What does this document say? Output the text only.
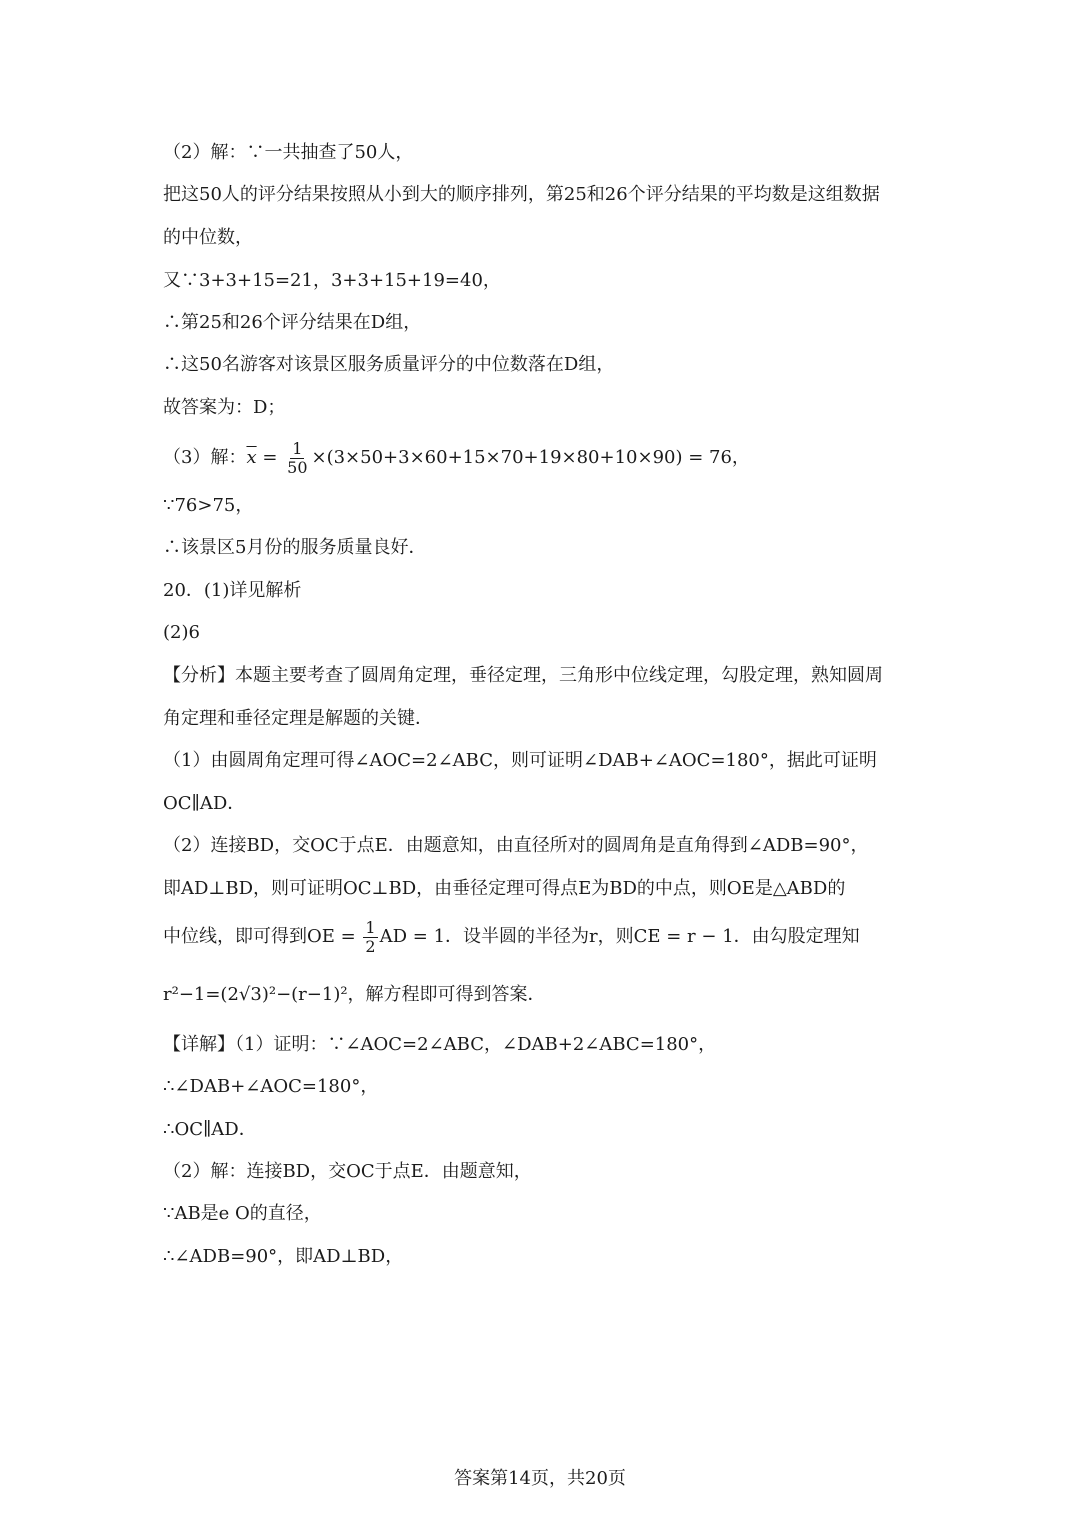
（2）解：∵一共抽查了50人，
把这50人的评分结果按照从小到大的顺序排列，第25和26个评分结果的平均数是这组数据
的中位数，
又∵3+3+15=21，3+3+15+19=40，
∴第25和26个评分结果在D组，
∴这50名游客对该景区服务质量评分的中位数落在D组，
故答案为：D；
（3）解：$\overline{x} = \frac{1}{50} \times(3\times 50+3\times 60+15\times 70+19\times 80+10\times 90) = 76$，
∵76>75，
∴该景区5月份的服务质量良好．
20．(1)详见解析
(2)6
【分析】本题主要考查了圆周角定理，垂径定理，三角形中位线定理，勾股定理，熟知圆周
角定理和垂径定理是解题的关键．
（1）由圆周角定理可得∠AOC=2∠ABC，则可证明∠DAB+∠AOC=180°，据此可证明
OC∥AD．
（2）连接BD，交OC于点E．由题意知，由直径所对的圆周角是直角得到∠ADB=90°，
即AD⊥BD，则可证明OC⊥BD，由垂径定理可得点E为BD的中点，则OE是△ABD的
中位线，即可得到OE = $\frac{1}{2}$ AD = 1．设半圆的半径为r，则CE = r − 1．由勾股定理知
r²−1=(2√3)²−(r−1)²，解方程即可得到答案．
【详解】（1）证明：∵∠AOC=2∠ABC，∠DAB+2∠ABC=180°，
∴∠DAB+∠AOC=180°，
∴OC∥AD．
（2）解：连接BD，交OC于点E．由题意知，
∵AB是e O的直径，
∴∠ADB=90°，即AD⊥BD，
答案第14页，共20页
